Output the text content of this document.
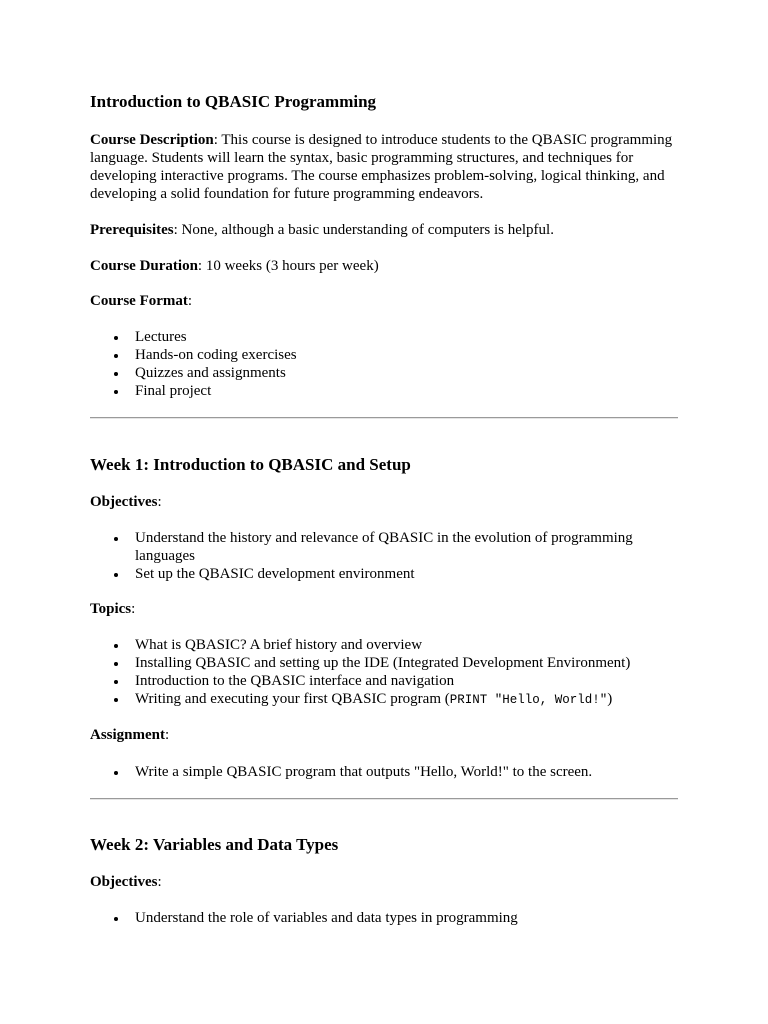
Introduction to QBASIC Programming

Course Description: This course is designed to introduce students to the QBASIC programming language. Students will learn the syntax, basic programming structures, and techniques for developing interactive programs. The course emphasizes problem-solving, logical thinking, and developing a solid foundation for future programming endeavors.

Prerequisites: None, although a basic understanding of computers is helpful.

Course Duration: 10 weeks (3 hours per week)

Course Format:

Lectures
Hands-on coding exercises
Quizzes and assignments
Final project
Week 1: Introduction to QBASIC and Setup

Objectives:

Understand the history and relevance of QBASIC in the evolution of programming languages
Set up the QBASIC development environment

Topics:

What is QBASIC? A brief history and overview
Installing QBASIC and setting up the IDE (Integrated Development Environment)
Introduction to the QBASIC interface and navigation
Writing and executing your first QBASIC program (PRINT "Hello, World!")

Assignment:

Write a simple QBASIC program that outputs "Hello, World!" to the screen.
Week 2: Variables and Data Types

Objectives:

Understand the role of variables and data types in programming
